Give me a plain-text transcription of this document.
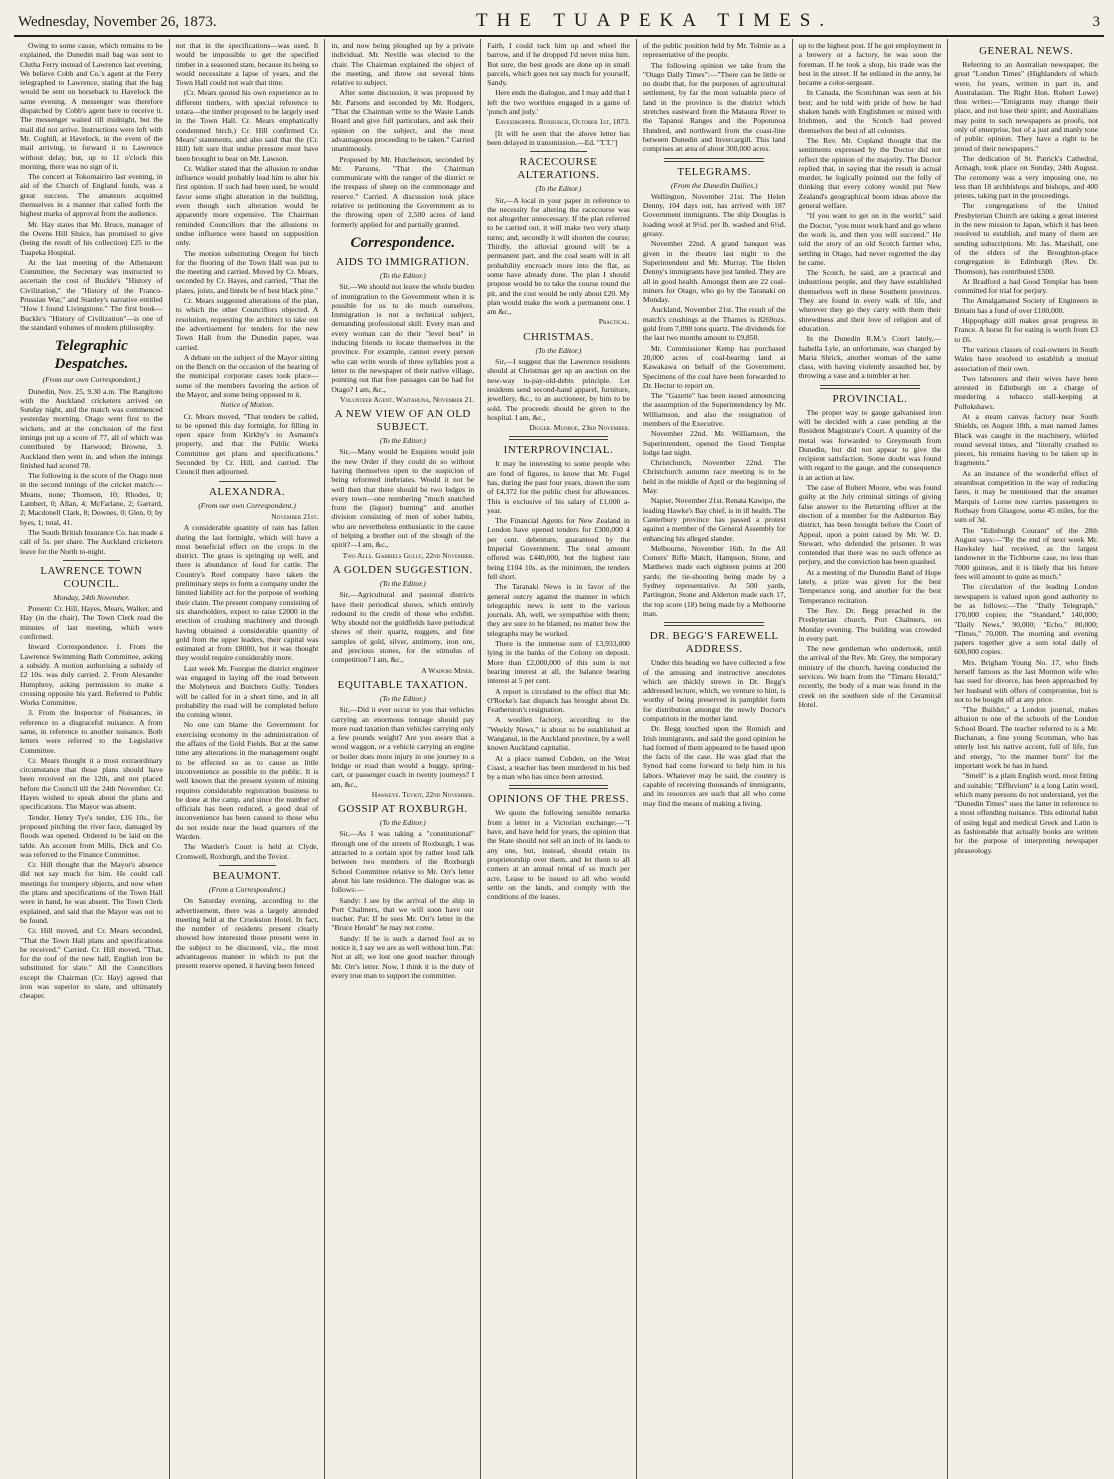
Wednesday, November 26, 1873.	THE TUAPEKA TIMES.	3

Owing to some cause, which remains to be explained, the Dunedin mail bag was sent to Clutha Ferry instead of Lawrence last evening. We believe Cobb and Co.'s agent at the Ferry telegraphed to Lawrence, stating that the bag would be sent on horseback to Havelock the same evening. A messenger was therefore dispatched by Cobb's agent here to receive it. The messenger waited till midnight, but the mail did not arrive. Instructions were left with Mr. Coghill, at Havelock, in the event of the mail arriving, to forward it to Lawrence without delay, but, up to 11 o'clock this morning, there was no sign of it.

The concert at Tokomairiro last evening, in aid of the Church of England funds, was a great success. The amateurs acquitted themselves in a manner that called forth the highest marks of approval from the audience.

Mr. Hay states that Mr. Bruce, manager of the Ovens Hill Sluice, has promised to give (being the result of his collection) £25 to the Tuapeka Hospital.

At the last meeting of the Athenæum Committee, the Secretary was instructed to ascertain the cost of Buckle's "History of Civilization," the "History of the Franco-Prussian War," and Stanley's narrative entitled "How I found Livingstone." The first book—Buckle's "History of Civilization"—is one of the standard volumes of modern philosophy.

Telegraphic Despatches.
(From our own Correspondent.)

Dunedin, Nov. 25, 9.30 a.m. The Rangitoto with the Auckland cricketers arrived on Sunday night, and the match was commenced yesterday morning. Otago went first to the wickets, and at the conclusion of the first innings put up a score of 77, all of which was contributed by Harwood; Browne, 3. Auckland then went in, and when the innings finished had scored 78.

The following is the score of the Otago men in the second innings of the cricket match:—Means, none; Thomson, 10; Rhodes, 0; Lambert, 0; Allan, 4; McFarlane, 2; Garrard, 2; Macdonell Clark, 8; Downes, 0; Glen, 0; by byes, 1; total, 41.

The South British Insurance Co. has made a call of 5s. per share. The Auckland cricketers leave for the North to-night.

LAWRENCE TOWN COUNCIL.
Monday, 24th November.

Present: Cr. Hill, Hayes, Mears, Walker, and Hay (in the chair). The Town Clerk read the minutes of last meeting, which were confirmed.

Inward Correspondence. 1. From the Lawrence Swimming Bath Committee, asking a subsidy. A motion authorising a subsidy of £2 10s. was duly carried. 2. From Alexander Humphrey, asking permission to make a crossing opposite his yard. Referred to Public Works Committee.

3. From the Inspector of Nuisances, in reference to a disgraceful nuisance. A from same, in reference to another nuisance. Both letters were referred to the Legislative Committee.

Cr. Mears thought it a most extraordinary circumstance that those plans should have been received on the 12th, and not placed before the Council till the 24th November. Cr. Hayes wished to speak about the plans and specifications. The Mayor was absent.

Tender. Henry Tye's tender, £16 10s., for proposed pitching the river face, damaged by floods was opened. Ordered to be laid on the table. An account from Mills, Dick and Co. was referred to the Finance Committee.

Cr. Hill thought that the Mayor's absence did not say much for him. He could call meetings for trumpery objects, and now when the plans and specifications of the Town Hall were in hand, he was absent. The Town Clerk explained, and said that the Mayor was out to be found.

Cr. Hill moved, and Cr. Mears seconded, "That the Town Hall plans and specifications be received." Carried. Cr. Hill moved, "That, for the roof of the new hall, English iron be substituted for slate." All the Councillors except the Chairman (Cr. Hay) agreed that iron was superior to slate, and ultimately cheaper.

not that in the specifications—was used. It would be impossible to get the specified timber in a seasoned state, because its being so would necessitate a lapse of years, and the Town Hall could not wait that time.

(Cr. Mears quoted his own experience as to different timbers, with special reference to totara—the timber proposed to be largely used in the Town Hall. Cr. Mears emphatically condemned birch.) Cr. Hill confirmed Cr. Mears' statements, and also said that the (Cr. Hill) felt sure that undue pressure must have been brought to bear on Mr. Lawson.

Cr. Walker stated that the allusion to undue influence would probably lead him to alter his first opinion. If such had been used, he would favor some slight alteration in the building, even though such alteration would be apparently more expensive. The Chairman reminded Councillors that the allusions to undue influence were based on supposition only.

The motion substituting Oregon for birch for the flooring of the Town Hall was put to the meeting and carried. Moved by Cr. Mears, seconded by Cr. Hayes, and carried, "That the plates, joists, and lintels be of best black pine."

Cr. Mears suggested alterations of the plan, to which the other Councillors objected. A resolution, requesting the architect to take out the advertisement for tenders for the new Town Hall from the Dunedin paper, was carried.

A debate on the subject of the Mayor sitting on the Bench on the occasion of the hearing of the municipal corporate cases took place—some of the members favoring the action of the Mayor, and some being opposed to it.

Notice of Motion.

Cr. Mears moved, "That tenders be called, to be opened this day fortnight, for filling in open space from Kirkby's to Asmann's property, and that the Public Works Committee get plans and specifications." Seconded by Cr. Hill, and carried. The Council then adjourned.

ALEXANDRA.
(From our own Correspondent.)
November 21st.

A considerable quantity of rain has fallen during the last fortnight, which will have a most beneficial effect on the crops in the district. The grass is springing up well, and there is abundance of food for cattle. The Country's Reef company have taken the preliminary steps to form a company under the limited liability act for the purpose of working their claim. The present company consisting of six shareholders, expect to raise £2000 in the erection of crushing machinery and through having obtained a considerable quantity of gold from the upper leaders, their capital was estimated at from £8000, but it was thought they would require considerably more.

Last week Mr. Fourgue the district engineer was engaged in laying off the road between the Molyneux and Butchers Gully. Tenders will be called for in a short time, and in all probability the road will be completed before the coming winter.

No one can blame the Government for exercising economy in the administration of the affairs of the Gold Fields. But at the same time any alterations in the management ought to be effected so as to cause as little inconvenience as possible to the public. It is well known that the present system of mining requires considerable registration business to be done at the camp, and since the number of officials has been reduced, a good deal of inconvenience has been caused to those who do not reside near the head quarters of the Warden.

The Warden's Court is held at Clyde, Cromwell, Roxburgh, and the Teviot.

BEAUMONT.
(From a Correspondent.)

On Saturday evening, according to the advertisement, there was a largely attended meeting held at the Crookston Hotel. In fact, the number of residents present clearly showed how interested those present were in the subject to be discussed, viz., the most advantageous manner in which to put the present reserve opened, it having been fenced

in, and now being ploughed up by a private individual. Mr. Neville was elected to the chair. The Chairman explained the object of the meeting, and threw out several hints relative to subject.

After some discussion, it was proposed by Mr. Parsons and seconded by Mr. Rodgers, "That the Chairman write to the Waste Lands Board and give full particulars, and ask their opinion on the subject, and the most advantageous proceeding to be taken." Carried unanimously.

Proposed by Mr. Hutchenson, seconded by Mr. Parsons, "That the Chairman communicate with the ranger of the district re the trespass of sheep on the commonage and reserve." Carried. A discussion took place relative to petitioning the Government as to the throwing open of 2,500 acres of land formerly applied for and partially granted.

Correspondence.
AIDS TO IMMIGRATION.
(To the Editor.)

Sir,—We should not leave the whole burden of immigration to the Government when it is possible for us to do much ourselves. Immigration is not a technical subject, demanding professional skill. Every man and every woman can do their "level best" in inducing friends to locate themselves in the province. For example, cannot every person who can write words of three syllables post a letter to the newspaper of their native village, pointing out that free passages can be had for Otago? I am, &c.,

Volunteer Agent. Waitahuna, November 21.
A NEW VIEW OF AN OLD SUBJECT.
(To the Editor.)

Sir,—Many would be Esquires would join the new Order if they could do so without having themselves open to the suspicion of being reformed inebriates. Would it not be well then that there should be two lodges in every town—one numbering "much snatched from the (liquor) burning" and another division consisting of men of sober habits, who are nevertheless enthusiastic in the cause of helping a brother out of the slough of the spirit?—I am, &c.,

Two Alls. Gabriels Gully, 22nd November.
A GOLDEN SUGGESTION.
(To the Editor.)

Sir,—Agricultural and pastoral districts have their periodical shows, which entirely redound to the credit of those who exhibit. Why should not the goldfields have periodical shows of their quartz, nuggets, and fine samples of gold, silver, antimony, iron ore, and precious stones, for the stimulus of competition? I am, &c.,

A Waipori Miner.
EQUITABLE TAXATION.
(To the Editor.)

Sir,—Did it ever occur to you that vehicles carrying an enormous tonnage should pay more road taxation than vehicles carrying only a few pounds weight? Are you aware that a wood waggon, or a vehicle carrying an engine or boiler does more injury in one journey to a bridge or road than would a buggy, spring-cart, or passenger coach in twenty journeys? I am, &c.,

Hawkeye. Teviot, 22nd November.
GOSSIP AT ROXBURGH.
(To the Editor.)

Sir,—As I was taking a "constitutional" through one of the streets of Roxburgh, I was attracted to a certain spot by rather loud talk between two members of the Roxburgh School Committee relative to Mr. Orr's letter about his late residence. The dialogue was as follows:—

Sandy: I see by the arrival of the ship in Port Chalmers, that we will soon have our teacher. Pat: If he sees Mr. Orr's letter in the "Bruce Herald" he may not come.

Sandy: If he is such a darned fool as to notice it, I say we are as well without him. Pat: Not at all; we lost one good teacher through Mr. Orr's letter. Now, I think it is the duty of every true man to support the committee.

Faith, I could tuck him up and wheel the barrow, and if he dropped I'd never miss him. But sure, the best goods are done up in small parcels, which goes not say much for yourself, Sandy.

Here ends the dialogue, and I may add that I left the two worthies engaged in a game of 'punch and judy.'

Eavesdropper. Roxburgh, October 1st, 1873.

[It will be seen that the above letter has been delayed in transmission.—Ed. "T.T."]

RACECOURSE ALTERATIONS.
(To the Editor.)

Sir,—A local in your paper in reference to the necessity for altering the racecourse was not altogether unnecessary. If the plan referred to be carried out, it will make two very sharp turns; and, secondly it will shorten the course; Thirdly, the alluvial ground will be a permanent part, and the coal seam will in all probability encroach more into the flat, as some have already done. The plan I should propose would be to take the course round the pit, and the cost would be only about £20. My plan would make the work a permanent one. I am &c.,

Practical.
CHRISTMAS.
(To the Editor.)

Sir,—I suggest that the Lawrence residents should at Christmas get up an auction on the new-way to-pay-old-debts principle. Let residents send second-hand apparel, furniture, jewellery, &c., to an auctioneer, by him to be sold. The proceeds should be given to the hospital. I am, &c.,

Digger. Munroe, 23rd November.
INTERPROVINCIAL.

It may be interesting to some people who are fond of figures, to know that Mr. Fogel has, during the past four years, drawn the sum of £4,372 for the public chest for allowances. This is exclusive of his salary of £1,000 a-year.

The Financial Agents for New Zealand in London have opened tenders for £300,000 4 per cent. debenture, guaranteed by the Imperial Government. The total amount offered was £440,000, but the highest rate being £104 10s. as the minimum, the tenders fell short.

The Taranaki News is in favor of the general outcry against the manner in which telegraphic news is sent to the various journals. Ah, well, we sympathise with them; they are sure to be blamed, no matter how the telegraphs may be worked.

There is the immense sum of £3,933,000 lying in the banks of the Colony on deposit. More than £2,000,000 of this sum is not bearing interest at all, the balance bearing interest at 5 per cent.

A report is circulated to the effect that Mr. O'Rorke's last dispatch has brought about Dr. Featherston's resignation.

A woollen factory, according to the "Weekly News," is about to be established at Wanganui, in the Auckland province, by a well known Auckland capitalist.

At a place named Cobden, on the West Coast, a teacher has been murdered in his bed by a man who has since been arrested.

OPINIONS OF THE PRESS.

We quote the following sensible remarks from a letter in a Victorian exchange:—"I have, and have held for years, the opinion that the State should not sell an inch of its lands to any one, but, instead, should retain its proprietorship over them, and let them to all comers at an annual rental of so much per acre. Lease to be issued to all who would settle on the lands, and comply with the conditions of the leases.

of the public position held by Mr. Tolmie as a representative of the people.

The following opinion we take from the "Otago Daily Times":—"There can be little or no doubt that, for the purposes of agricultural settlement, by far the most valuable piece of land in the province is the district which stretches eastward from the Mataura River to the Tapanui Ranges and the Popotunoa Hundred, and northward from the coast-line between Dunedin and Invercargill. This land comprises an area of about 300,000 acres.

TELEGRAMS.
(From the Dunedin Dailies.)

Wellington, November 21st. The Helen Denny, 104 days out, has arrived with 187 Government immigrants. The ship Douglas is loading wool at 9½d. per lb. washed and 6½d. greasy.

November 22nd. A grand banquet was given in the theatre last night to the Superintendent and Mr. Murray. The Helen Denny's immigrants have just landed. They are all in good health. Amongst them are 22 coal-miners for Otago, who go by the Taranaki on Monday.

Auckland, November 21st. The result of the match's crushings at the Thames is 8269ozs. gold from 7,098 tons quartz. The dividends for the last two months amount to £9,850.

Mr. Commissioner Kemp has purchased 20,000 acres of coal-bearing land at Kawakawa on behalf of the Government. Specimens of the coal have been forwarded to Dr. Hector to report on.

The "Gazette" has been issued announcing the assumption of the Superintendency by Mr. Williamson, and also the resignation of members of the Executive.

November 22nd. Mr. Williamson, the Superintendent, opened the Good Templar lodge last night.

Christchurch, November 22nd. The Christchurch autumn race meeting is to be held in the middle of April or the beginning of May.

Napier, November 21st. Renata Kawipo, the leading Hawke's Bay chief, is in ill health. The Canterbury province has passed a protest against a member of the General Assembly for enhancing his alleged slander.

Melbourne, November 16th. In the All Comers' Rifle Match, Hampson, Stone, and Matthews made each eighteen points at 200 yards; the tie-shooting being made by a Sydney representative. At 500 yards, Partington, Stone and Alderton made each 17, the top score (18) being made by a Melbourne man.

DR. BEGG'S FAREWELL ADDRESS.

Under this heading we have collected a few of the amusing and instructive anecdotes which are thickly strewn in Dr. Begg's addressed lecture, which, we venture to hint, is worthy of being preserved in pamphlet form for distribution amongst the newly Doctor's compatriots in the mother land.

Dr. Begg touched upon the Romish and Irish immigrants, and said the good opinion he had formed of them appeared to be based upon the facts of the case. He was glad that the Synod had come forward to help him in his labors. Whatever may be said, the country is capable of receiving thousands of immigrants, and its resources are such that all who come may find the means of making a living.

up to the highest post. If he got employment in a brewery or a factory, he was soon the foreman. If he took a shop, his trade was the best in the street. If he enlisted in the army, he became a color-sergeant.

In Canada, the Scotchman was seen at his best; and he told with pride of how he had shaken hands with Englishmen or mixed with Irishmen, and the Scotch had proved themselves the best of all colonists.

The Rev. Mr. Copland thought that the sentiments expressed by the Doctor did not reflect the opinion of the majority. The Doctor replied that, in saying that the result is actual murder, he logically pointed out the folly of thinking that every colony would put New Zealand's geographical boom ideas above the general welfare.

"If you want to get on in the world," said the Doctor, "you must work hard and go where the work is, and then you will succeed." He told the story of an old Scotch farmer who, settling in Otago, had never regretted the day he came.

The Scotch, he said, are a practical and industrious people, and they have established themselves well in these Southern provinces. They are found in every walk of life, and wherever they go they carry with them their shrewdness and their love of religion and of education.

In the Dunedin R.M.'s Court lately,—Isabella Lyle, an unfortunate, was charged by Maria Shrick, another woman of the same class, with having violently assaulted her, by throwing a vase and a tumbler at her.

PROVINCIAL.

The proper way to gauge galvanised iron will be decided with a case pending at the Resident Magistrate's Court. A quantity of the metal was forwarded to Greymouth from Dunedin, but did not appear to give the recipient satisfaction. Some doubt was found with regard to the gauge, and the consequence is an action at law.

The case of Robert Moore, who was found guilty at the July criminal sittings of giving false answer to the Returning officer at the election of a member for the Ashburton Bay district, has been brought before the Court of Appeal, upon a point raised by Mr. W. D. Stewart, who defended the prisoner. It was contended that there was no such offence as perjury, and the conviction has been quashed.

At a meeting of the Dunedin Band of Hope lately, a prize was given for the best Temperance song, and another for the best Temperance recitation.

The Rev. Dr. Begg preached in the Presbyterian church, Port Chalmers, on Monday evening. The building was crowded in every part.

The new gentleman who undertook, until the arrival of the Rev. Mr. Grey, the temporary ministry of the church, having conducted the services. We learn from the "Timaru Herald," recently, the body of a man was found in the creek on the southern side of the Ceramical Hotel.

GENERAL NEWS.

Referring to an Australian newspaper, the great "London Times" (Highlanders of which were, for years, written in part in, and Australasian. The Right Hon. Robert Lowe) thus writes:—"Emigrants may change their place, and not lose their spirit; and Australians may point to such newspapers as proofs, not only of enterprise, but of a just and manly tone of public opinion. They have a right to be proud of their newspapers."

The dedication of St. Patrick's Cathedral, Armagh, took place on Sunday, 24th August. The ceremony was a very imposing one, no less than 18 archbishops and bishops, and 400 priests, taking part in the proceedings.

The congregations of the United Presbyterian Church are taking a great interest in the new mission to Japan, which it has been resolved to establish, and many of them are sending subscriptions. Mr. Jas. Marshall, one of the elders of the Broughton-place congregation in Edinburgh (Rev. Dr. Thomson), has contributed £500.

At Bradford a bad Good Templar has been committed for trial for perjury.

The Amalgamated Society of Engineers in Britain has a fund of over £100,000.

Hippophagy still makes great progress in France. A horse fit for eating is worth from £3 to £6.

The various classes of coal-owners in South Wales have resolved to establish a mutual association of their own.

Two labourers and their wives have been arrested in Edinburgh on a charge of murdering a tobacco stall-keeping at Pollokshaws.

At a steam canvas factory near South Shields, on August 18th, a man named James Black was caught in the machinery, whirled round several times, and "literally crushed to pieces, his remains having to be taken up in fragments."

As an instance of the wonderful effect of steamboat competition in the way of reducing fares, it may be mentioned that the steamer Marquis of Lorne now carries passengers to Rothsay from Glasgow, some 45 miles, for the sum of 3d.

The "Edinburgh Courant" of the 28th August says:—"By the end of next week Mr. Hawksley had received, as the largest landowner in the Tichborne case, no less than 7000 guineas, and it is likely that his future fees will amount to quite as much."

The circulation of the leading London newspapers is valued upon good authority to be as follows:—The "Daily Telegraph," 170,000 copies; the "Standard," 140,000; "Daily News," 90,000; "Echo," 80,000; "Times," 70,000. The morning and evening papers together give a sum total daily of 600,000 copies.

Mrs. Brigham Young No. 17, who finds herself famous as the last Mormon wife who has sued for divorce, has been approached by her husband with offers of compromise, but is not to be bought off at any price.

"The Builder," a London journal, makes allusion to one of the schools of the London School Board. The teacher referred to is a Mr. Buchanan, a fine young Scotsman, who has utterly lost his native accent, full of life, fun and energy, "to the manner born" for the important work he has in hand.

"Smell" is a plain English word, most fitting and suitable; "Effluvium" is a long Latin word, which many persons do not understand, yet the "Dunedin Times" uses the latter in reference to a most offending nuisance. This editorial habit of using legal and medical Greek and Latin is as fashionable that actually books are written for the purpose of interpreting newspaper phraseology.
